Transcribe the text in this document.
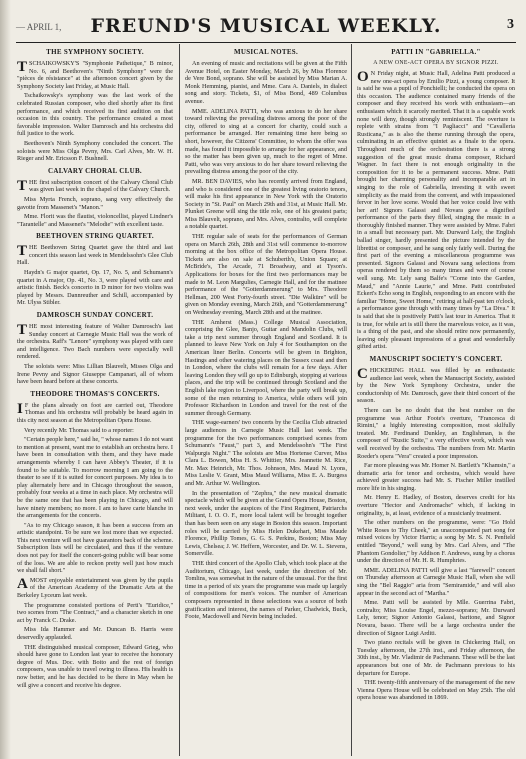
— APRIL 1,	FREUND'S MUSICAL WEEKLY.	3
THE SYMPHONY SOCIETY.

TSCHAIKOWSKY'S "Symphonie Pathetique," B minor, No. 6, and Beethoven's "Ninth Symphony" were the "pièces de résistance" at the afternoon concert given by the Symphony Society last Friday, at Music Hall.

Tschaikowsky's symphony was the last work of the celebrated Russian composer, who died shortly after its first performance, and which received its first audition on that occasion in this country. The performance created a most favorable impression. Walter Damrosch and his orchestra did full justice to the work.

Beethoven's Ninth Symphony concluded the concert. The soloists were Miss Olga Pevny, Mrs. Carl Alves, Mr. W. H. Rieger and Mr. Ericsson F. Bushnell.

CALVARY CHORAL CLUB.

THE first subscription concert of the Calvary Choral Club was given last week in the chapel of the Calvary Church.

Miss Myrta French, soprano, sang very effectively the gavotte from Massenet's "Manon."

Mme. Florit was the flautist, violoncellist, played Lindner's "Tarantelle" and Massenet's "Melodie" with excellent taste.

BEETHOVEN STRING QUARTET.

THE Beethoven String Quartet gave the third and last concert this season last week in Mendelssohn's Glee Club Hall.

Haydn's G major quartet, Op. 17, No. 5, and Schumann's quartet in A major, Op. 41, No. 3, were played with care and artistic finish. Beck's concerto in D minor for two violins was played by Messrs. Dannreuther and Schill, accompanied by Mr. Ulyss Stibler.

DAMROSCH SUNDAY CONCERT.

THE most interesting feature of Walter Damrosch's last Sunday concert at Carnegie Music Hall was the work of the orchestra. Raff's "Lenore" symphony was played with care and intelligence. Two Bach numbers were especially well rendered.

The soloists were: Miss Lillian Blauvelt, Misses Olga and Irene Pevny and Signor Giuseppe Campanari, all of whom have been heard before at these concerts.

THEODORE THOMAS'S CONCERTS.

I F the plans already on foot are carried out, Theodore Thomas and his orchestra will probably be heard again in this city next season at the Metropolitan Opera House.

Very recently Mr. Thomas said to a reporter:

"Certain people here," said he, " whose names I do not want to mention at present, want me to establish an orchestra here. I have been in consultation with them, and they have made arrangements whereby I can have Abbey's Theater, if it is found to be suitable. To morrow morning I am going to the theater to see if it is suited for concert purposes. My idea is to play alternately here and in Chicago throughout the season, probably four weeks at a time in each place. My orchestra will be the same one that has been playing in Chicago, and will have ninety members; no more. I am to have carte blanche in the arrangements for the concerts.

"As to my Chicago season, it has been a success from an artistic standpoint. To be sure we lost more than we expected. This next venture will not have guarantors back of the scheme. Subscription lists will be circulated, and thus if the venture does not pay for itself the concert-going public will bear some of the loss. We are able to reckon pretty well just how much we shall fall short."

A MOST enjoyable entertainment was given by the pupils of the American Academy of the Dramatic Arts at the Berkeley Lyceum last week.

The programme consisted portions of Perti's "Euridice," two scenes from "The Contract," and a character sketch in one act by Franck C. Drake.

Miss Ida Hammer and Mr. Duncan B. Harris were deservedly applauded.

THE distinguished musical composer, Edward Grieg, who should have gone to London last year to receive the honorary degree of Mus. Doc. with Boito and the rest of foreign composers, was unable to travel owing to illness. His health is now better, and he has decided to be there in May when he will give a concert and receive his degree.

MUSICAL NOTES.

An evening of music and recitations will be given at the Fifth Avenue Hotel, on Easter Monday, March 26, by Miss Florence de Vere Bond, soprano. She will be assisted by Miss Marian A. Monk Hemming, pianist, and Mme. Cara A. Daniels, in dialect song and story. Tickets, $1, of Miss Bond, 489 Columbus avenue.

MME. ADELINA PATTI, who was anxious to do her share toward relieving the prevailing distress among the poor of the city, offered to sing at a concert for charity, could such a performance be arranged. Her remaining time here being so short, however, the Citizens' Committee, to whom the offer was made, has found it impossible to arrange for her appearance, and so the matter has been given up, much to the regret of Mme. Patti, who was very anxious to do her share toward relieving the prevailing distress among the poor of the city.

MR. BEN DAVIES, who has recently arrived from England, and who is considered one of the greatest living oratorio tenors, will make his first appearance in New York with the Oratorio Society in "St. Paul" on March 29th and 31st, at Music Hall. Mr. Plunket Greene will sing the title role, one of his greatest parts; Miss Blauvelt, soprano, and Mrs. Alves, contralto, will complete a notable quartet.

THE regular sale of seats for the performances of German opera on March 26th, 28th and 31st will commence to-morrow morning at the box office of the Metropolitan Opera House. Tickets are also on sale at Schuberth's, Union Square; at McBride's, The Arcade, 71 Broadway, and at Tyson's. Applications for boxes for the first two performances may be made to M. Leon Margulies, Carnegie Hall, and for the matinee performance of the "Gotterdammerung" to Mrs. Theodore Hellman, 200 West Forty-fourth street. "Die Walküre" will be given on Monday evening, March 26th, and "Gotterdammerung" on Wednesday evening, March 28th and at the matinee.

THE Amherst (Mass.) College Musical Association, comprising the Glee, Banjo, Guitar and Mandolin Clubs, will take a trip next summer through England and Scotland. It is planned to leave New York on July 4 for Southampton on the American liner Berlin. Concerts will be given in Brighton, Hastings and other watering places on the Sussex coast and then in London, where the clubs will remain for a few days. After leaving London they will go up to Edinburgh, stopping at various places, and the trip will be continued through Scotland and the English lake region to Liverpool, where the party will break up, some of the men returning to America, while others will join Professor Richardson in London and travel for the rest of the summer through Germany.

THE wage-earners' two concerts by the Cecilia Club attracted large audiences in Carnegie Music Hall last week. The programme for the two performances comprised scenes from Schumann's "Faust," part 3, and Mendelssohn's "The First Walpurgis Night." The soloists are Miss Hortense Curver, Miss Clara L. Bowen, Miss H. S. Whittier, Mrs. Jeannette M. Rice, Mr. Max Heinrich, Mr. Thos. Johnson, Mrs. Maud N. Lyons, Miss Leslie V. Grant, Miss Maud Williams, Miss E. A. Burgess and Mr. Arthur W. Wellington.

In the presentation of "Zephra," the new musical dramatic spectacle which will be given at the Grand Opera House, Boston, next week, under the auspices of the First Regiment, Patriarchs Militant, I. O. O. F., more local talent will be brought together than has been seen on any stage in Boston this season. Important roles will be carried by Miss Helen Dukehart, Miss Maude Florence, Phillip Tomes, G. G. S. Perkins, Boston; Miss May Lewis, Chelsea; J. W. Heffern, Worcester, and Dr. W. L. Stevens, Somerville.

THE third concert of the Apollo Club, which took place at the Auditorium, Chicago, last week, under the direction of Mr. Tomlins, was somewhat in the nature of the unusual. For the first time in a period of six years the programme was made up largely of compositions for men's voices. The number of American composers represented in these selections was a source of both gratification and interest, the names of Parker, Chadwick, Buck, Foote, Macdowell and Nevin being included.

PATTI IN "GABRIELLA."
A NEW ONE-ACT OPERA BY SIGNOR PIZZI.

O N Friday night, at Music Hall, Adelina Patti produced a new one-act opera by Emilio Pizzi, a young composer. It is said he was a pupil of Ponchielli; he conducted the opera on this occasion. The audience contained many friends of the composer and they received his work with enthusiasm—an enthusiasm which it scarcely merited. That it is a capable work none will deny, though strongly reminiscent. The overture is replete with strains from "I Pagliacci" and "Cavalleria Rusticana," as is also the theme running through the opera, culminating in an effective quintet as a finale to the opera. Throughout much of the orchestration there is a strong suggestion of the great music drama composer, Richard Wagner. In fact there is not enough originality in the composition for it to be a permanent success. Mme. Patti brought her charming personality and incomparable art in singing to the role of Gabriella, investing it with sweet simplicity as the maid from the convent, and with impassioned fervor in her love scene. Would that her voice could live with her art! Signors Galassi and Novara gave a dignified performance of the parts they filled, singing the music in a thoroughly finished manner. They were assisted by Mme. Fabri in a small but necessary part. Mr. Durward Lely, the English ballad singer, hardly presented the picture intended by the librettist or composer, and he sang only fairly well. During the first part of the evening a miscellaneous programme was presented. Signors Galassi and Novara sang selections from operas rendered by them so many times and were of course well sung. Mr. Lely sang Balfe's "Come into the Garden, Maud," and "Annie Laurie," and Mme. Patti contributed Eckert's Echo song in English, responding to an encore with the familiar "Home, Sweet Home," retiring at half-past ten o'clock, a performance gone through with many times by "La Diva." It is said that she is positively Patti's last tour in America. That it is true, for while art is still there the marvelous voice, as it was, is a thing of the past, and she should retire now permanently, leaving only pleasant impressions of a great and wonderfully gifted artist.

MANUSCRIPT SOCIETY'S CONCERT.

CHICKERING HALL was filled by an enthusiastic audience last week, when the Manuscript Society, assisted by the New York Symphony Orchestra, under the conductorship of Mr. Damrosch, gave their third concert of the season.

There can be no doubt that the best number on the programme was Arthur Foote's overture, "Francesca di Rimini," a highly interesting composition, most skilfully treated. Mr. Ferdinand Dunkley, an Englishman, is the composer of "Rustic Suite," a very effective work, which was well received by the orchestra. The numbers from Mr. Martin Roeder's opera "Vera" created a poor impression.

Far more pleasing was Mr. Homer N. Bartlett's "Khamsin," a dramatic aria for tenor and orchestra, which would have achieved greater success had Mr. S. Fischer Miller instilled more life in his singing.

Mr. Henry E. Hadley, of Boston, deserves credit for his overture "Hector and Andromache" which, if lacking in originality, is, at least, evidence of a musicianly treatment.

The other numbers on the programme, were: "Go Hold White Roses to Thy Cheek," an unaccompanied part song for mixed voices by Victor Harris; a song by Mr. S. N. Penfield entitled "Beyond," well sung by Mrs. Carl Alves, and "The Phantom Gondolier," by Addison F. Andrews, sung by a chorus under the direction of Mr. H. R. Humphries.

MME. ADELINA PATTI will give a last "farewell" concert on Thursday afternoon at Carnegie Music Hall, when she will sing the "Bel Raggio" aria from "Semiramide," and will also appear in the second act of "Martha."

Mme. Patti will be assisted by Mlle. Guerrina Fabri, contralto; Miss Louise Engel, mezzo-soprano; Mr. Durward Lely, tenor; Signor Antonio Galassi, baritone, and Signor Novara, basso. There will be a large orchestra under the direction of Signor Luigi Arditi.

Two piano recitals will be given in Chickering Hall, on Tuesday afternoon, the 27th inst., and Friday afternoon, the 30th inst., by Mr. Vladimir de Pachmann. These will be the last appearances but one of Mr. de Pachmann previous to his departure for Europe.

THE twenty-fifth anniversary of the management of the new Vienna Opera House will be celebrated on May 25th. The old opera house was abandoned in 1869.
